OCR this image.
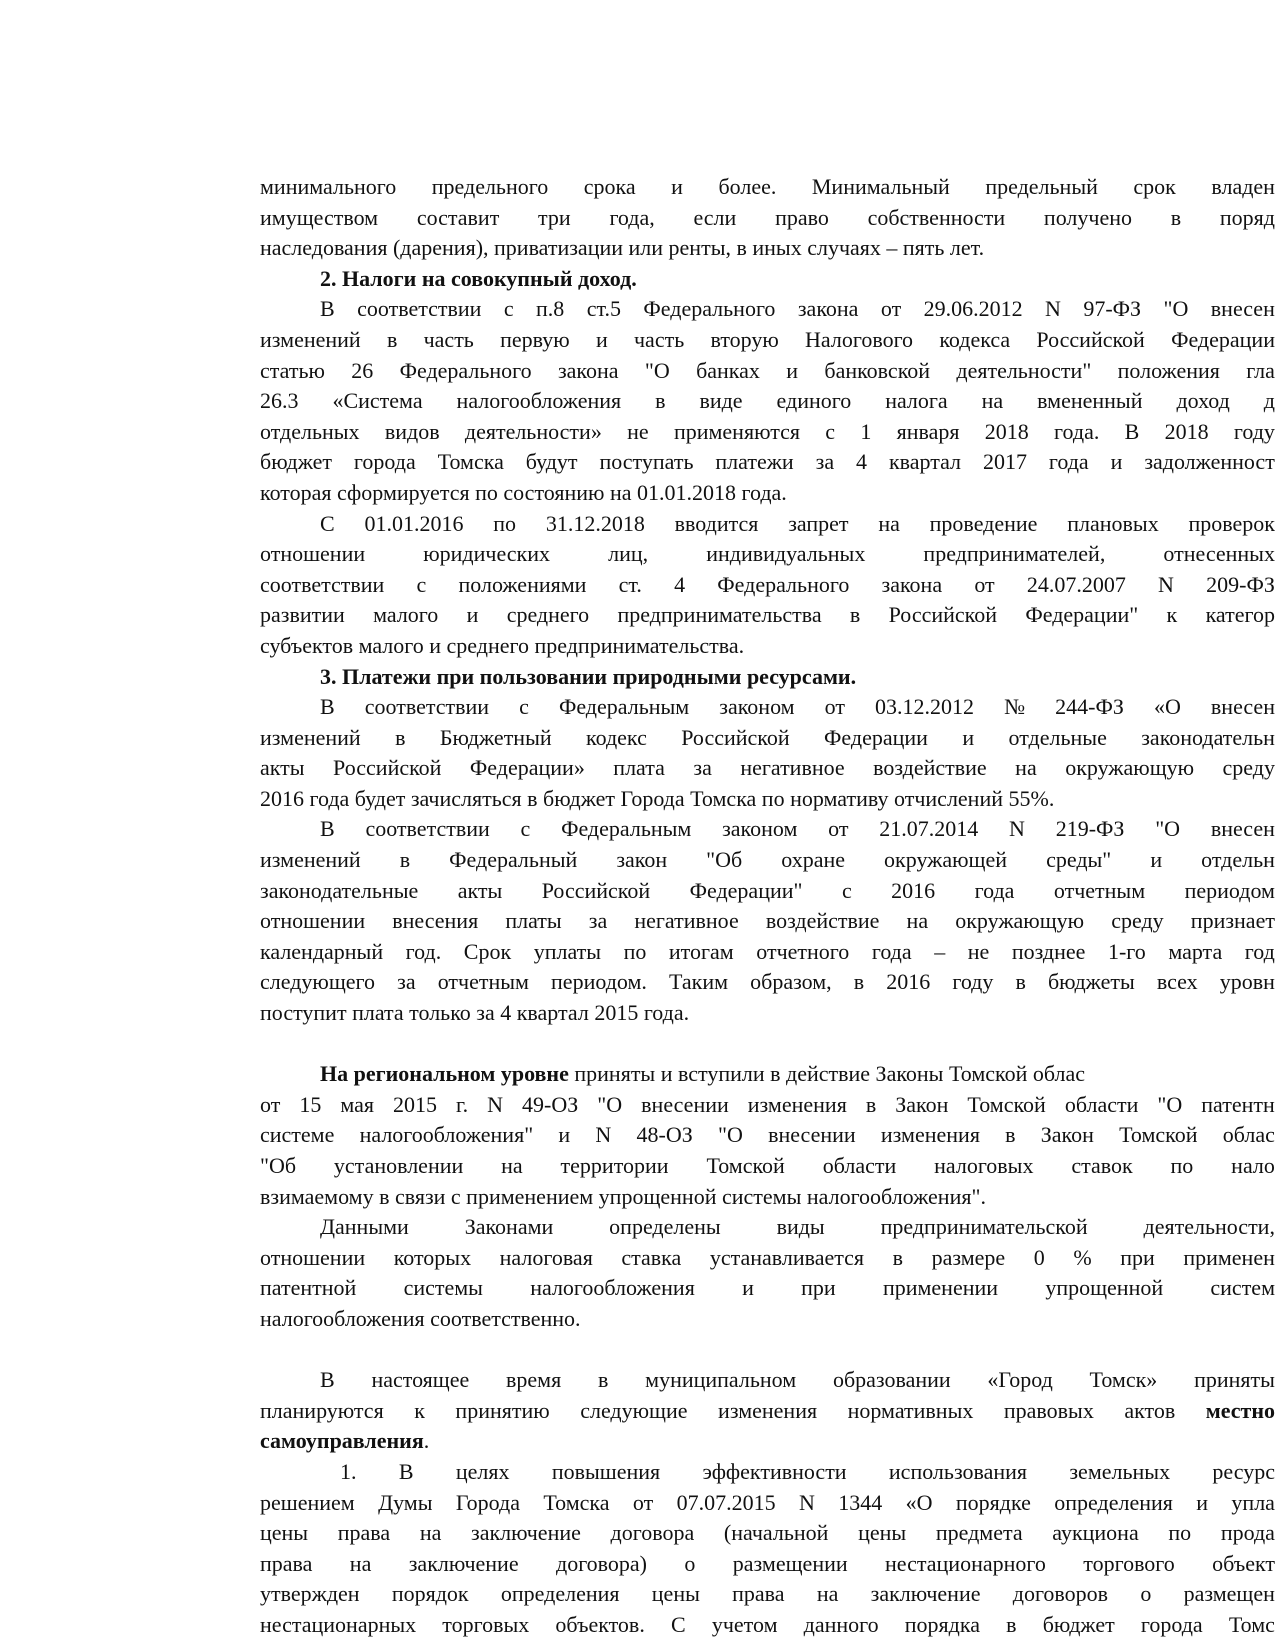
минимального предельного срока и более. Минимальный предельный срок владен
имуществом составит три года, если право собственности получено в поряд
наследования (дарения), приватизации или ренты, в иных случаях – пять лет.
2. Налоги на совокупный доход.
В соответствии с п.8 ст.5 Федерального закона от 29.06.2012 N 97-ФЗ "О внесен
изменений в часть первую и часть вторую Налогового кодекса Российской Федерации
статью 26 Федерального закона "О банках и банковской деятельности" положения гла
26.3 «Система налогообложения в виде единого налога на вмененный доход д
отдельных видов деятельности» не применяются с 1 января 2018 года. В 2018 году
бюджет города Томска будут поступать платежи за 4 квартал 2017 года и задолженност
которая сформируется по состоянию на 01.01.2018 года.
С 01.01.2016 по 31.12.2018 вводится запрет на проведение плановых проверок
отношении	юридических	лиц,	индивидуальных	предпринимателей,	отнесенных
соответствии с положениями ст. 4 Федерального закона от 24.07.2007 N 209-ФЗ
развитии малого и среднего предпринимательства в Российской Федерации" к категор
субъектов малого и среднего предпринимательства.
3. Платежи при пользовании природными ресурсами.
В соответствии с Федеральным законом от 03.12.2012 № 244-ФЗ «О внесен
изменений в Бюджетный кодекс Российской Федерации и отдельные законодательн
акты Российской Федерации» плата за негативное воздействие на окружающую среду
2016 года будет зачисляться в бюджет Города Томска по нормативу отчислений 55%.
В соответствии с Федеральным законом от 21.07.2014 N 219-ФЗ "О внесен
изменений в Федеральный закон "Об охране окружающей среды" и отдельн
законодательные акты Российской Федерации" с 2016 года отчетным периодом
отношении внесения платы за негативное воздействие на окружающую среду признает
календарный год. Срок уплаты по итогам отчетного года – не позднее 1-го марта год
следующего за отчетным периодом. Таким образом, в 2016 году в бюджеты всех уровн
поступит плата только за 4 квартал 2015 года.
На региональном уровне приняты и вступили в действие Законы Томской облас
от 15 мая 2015 г. N 49-ОЗ "О внесении изменения в Закон Томской области "О патентн
системе налогообложения" и N 48-ОЗ "О внесении изменения в Закон Томской облас
"Об установлении на территории Томской области налоговых ставок по нало
взимаемому в связи с применением упрощенной системы налогообложения".
Данными	Законами	определены	виды	предпринимательской	деятельности,
отношении которых налоговая ставка устанавливается в размере 0 % при применен
патентной системы налогообложения и при применении упрощенной систем
налогообложения соответственно.
В настоящее время в муниципальном образовании «Город Томск» приняты
планируются к принятию следующие изменения нормативных правовых актов местно
самоуправления.
1. В целях повышения эффективности использования земельных ресурс
решением Думы Города Томска от 07.07.2015 N 1344 «О порядке определения и упла
цены права на заключение договора (начальной цены предмета аукциона по прода
права на заключение договора) о размещении нестационарного торгового объект
утвержден порядок определения цены права на заключение договоров о размещен
нестационарных торговых объектов. С учетом данного порядка в бюджет города Томс
